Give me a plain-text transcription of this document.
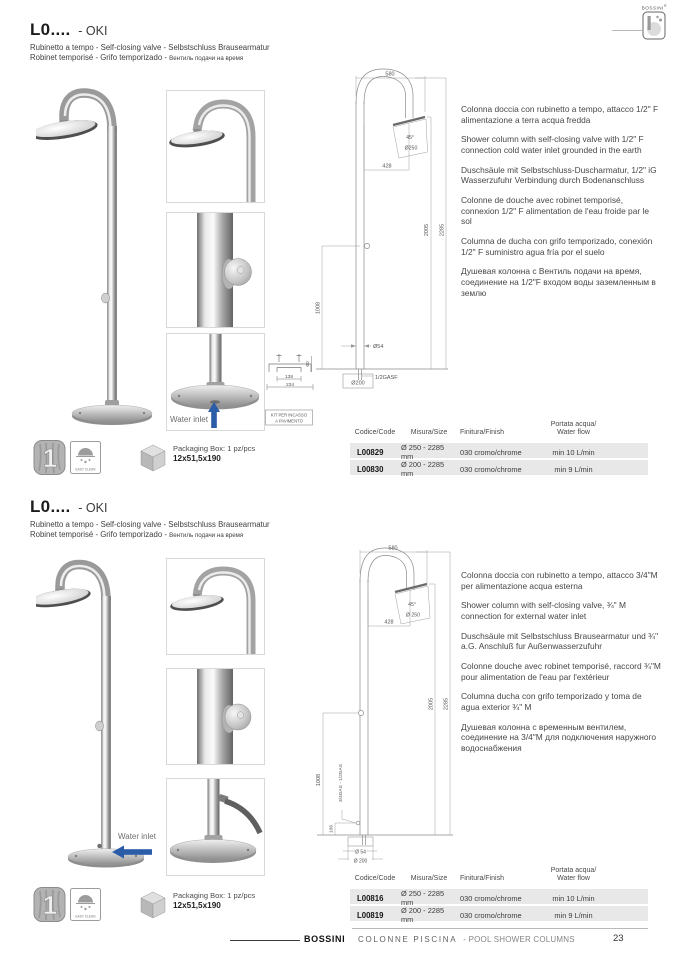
BOSSINI®
L0.... - OKI
Rubinetto a tempo - Self-closing valve - Selbstschluss Brausearmatur
Robinet temporisé - Grifo temporizado - Вентиль подачи на время
Water inlet
138
234
60
KIT PER INCASSO
A PAVIMENTO
580
45°
Ø250
428
2005 2285
1008
Ø54
1/2GASF
Ø200

Colonna doccia con rubinetto a tempo, attacco 1/2" F alimentazione a terra acqua fredda

Shower column with self-closing valve with 1/2" F connection cold water inlet grounded in the earth

Duschsäule mit Selbstschluss-Duscharmatur, 1/2" iG Wasserzufuhr Verbindung durch Bodenanschluss

Colonne de douche avec robinet temporisé, connexion 1/2" F alimentation de l'eau froide par le sol

Columna de ducha con grifo temporizado, conexión 1/2" F suministro agua fría por el suelo

Душевая колонна с Вентиль подачи на время, соединение на 1/2"F входом воды заземленным в землю

Codice/Code	Misura/Size	Finitura/Finish
Portata acqua/
Water flow
L00829	Ø 250 - 2285 mm	030 cromo/chrome	min 10 L/min
L00830	Ø 200 - 2285 mm	030 cromo/chrome	min 9 L/min
1	EASY CLEAN
Packaging Box: 1 pz/pcs
12x51,5x190
L0.... - OKI
Rubinetto a tempo - Self-closing valve - Selbstschluss Brausearmatur
Robinet temporisé - Grifo temporizado - Вентиль подачи на время
Water inlet
580
45°
Ø 250
428
2005 2285
1008
106
3/4GAS - 1/2GAS
Ø 54
Ø 200

Colonna doccia con rubinetto a tempo, attacco 3/4"M per alimentazione acqua esterna

Shower column with self-closing valve, ¾" M connection for external water inlet

Duschsäule mit Selbstschluss Brausearmatur und ¾" a.G. Anschluß fur Außenwasserzufuhr

Colonne douche avec robinet temporisé, raccord ¾"M pour alimentation de l'eau par l'extérieur

Columna ducha con grifo temporizado y toma de agua exterior ¾" M

Душевая колонна с временным вентилем, соединение на 3/4"М для подключения наружного водоснабжения

Codice/Code	Misura/Size	Finitura/Finish
Portata acqua/
Water flow
L00816	Ø 250 - 2285 mm	030 cromo/chrome	min 10 L/min
L00819	Ø 200 - 2285 mm	030 cromo/chrome	min 9 L/min
1	EASY CLEAN
Packaging Box: 1 pz/pcs
12x51,5x190
BOSSINI COLONNE PISCINA - POOL SHOWER COLUMNS	23
